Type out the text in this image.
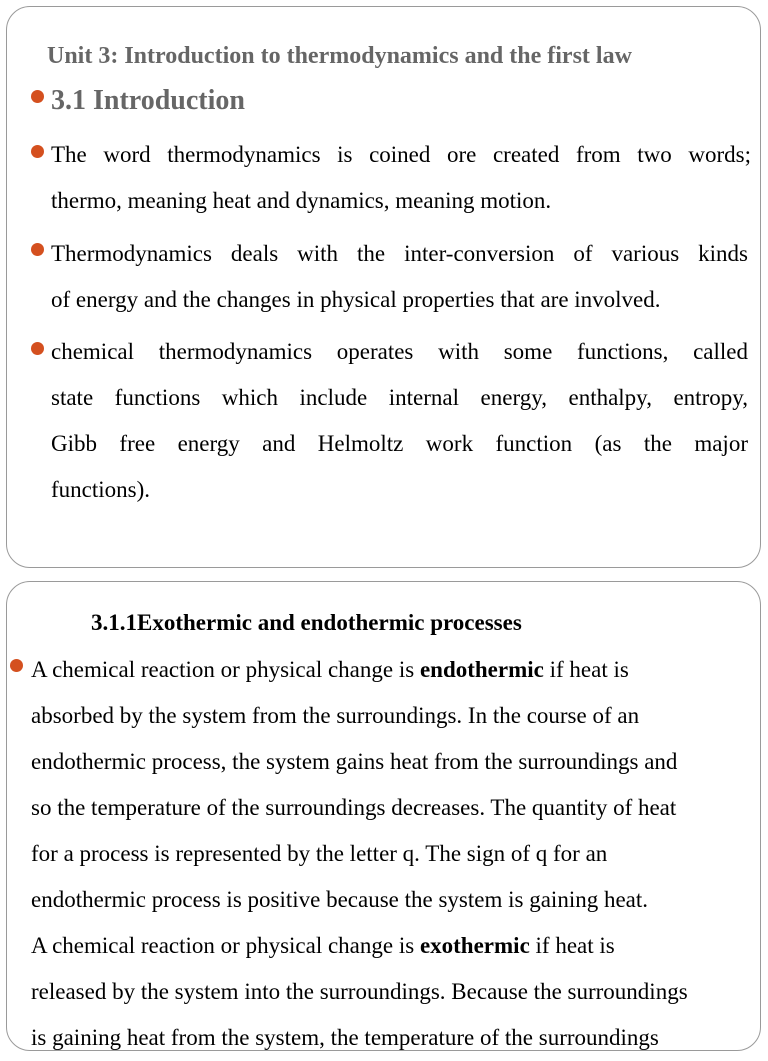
Unit 3: Introduction to thermodynamics and the first law
3.1 Introduction
The word thermodynamics is coined ore created from two words;
thermo, meaning heat and dynamics, meaning motion.
Thermodynamics deals with the inter-conversion of various kinds
of energy and the changes in physical properties that are involved.
chemical thermodynamics operates with some functions, called
state functions which include internal energy, enthalpy, entropy,
Gibb free energy and Helmoltz work function (as the major
functions).
3.1.1Exothermic and endothermic processes
A chemical reaction or physical change is endothermic if heat is
absorbed by the system from the surroundings. In the course of an
endothermic process, the system gains heat from the surroundings and
so the temperature of the surroundings decreases. The quantity of heat
for a process is represented by the letter q. The sign of q for an
endothermic process is positive because the system is gaining heat.
A chemical reaction or physical change is exothermic if heat is
released by the system into the surroundings. Because the surroundings
is gaining heat from the system, the temperature of the surroundings
